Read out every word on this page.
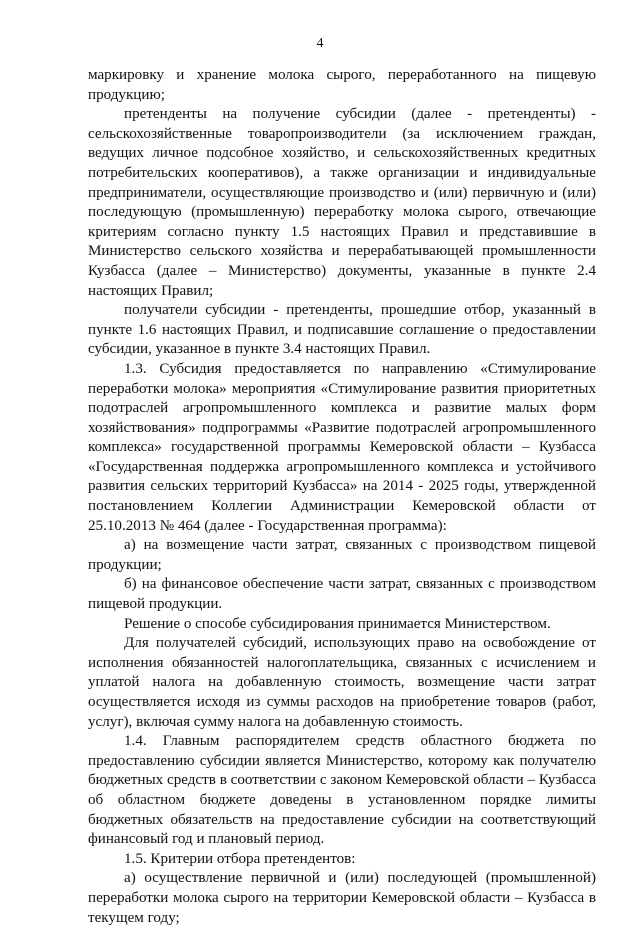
4

маркировку и хранение молока сырого, переработанного на пищевую продукцию;

претенденты на получение субсидии (далее - претенденты) - сельскохозяйственные товаропроизводители (за исключением граждан, ведущих личное подсобное хозяйство, и сельскохозяйственных кредитных потребительских кооперативов), а также организации и индивидуальные предприниматели, осуществляющие производство и (или) первичную и (или) последующую (промышленную) переработку молока сырого, отвечающие критериям согласно пункту 1.5 настоящих Правил и представившие в Министерство сельского хозяйства и перерабатывающей промышленности Кузбасса (далее – Министерство) документы, указанные в пункте 2.4 настоящих Правил;

получатели субсидии - претенденты, прошедшие отбор, указанный в пункте 1.6 настоящих Правил, и подписавшие соглашение о предоставлении субсидии, указанное в пункте 3.4 настоящих Правил.

1.3. Субсидия предоставляется по направлению «Стимулирование переработки молока» мероприятия «Стимулирование развития приоритетных подотраслей агропромышленного комплекса и развитие малых форм хозяйствования» подпрограммы «Развитие подотраслей агропромышленного комплекса» государственной программы Кемеровской области – Кузбасса «Государственная поддержка агропромышленного комплекса и устойчивого развития сельских территорий Кузбасса» на 2014 - 2025 годы, утвержденной постановлением Коллегии Администрации Кемеровской области от 25.10.2013 № 464 (далее - Государственная программа):

а) на возмещение части затрат, связанных с производством пищевой продукции;

б) на финансовое обеспечение части затрат, связанных с производством пищевой продукции.

Решение о способе субсидирования принимается Министерством.

Для получателей субсидий, использующих право на освобождение от исполнения обязанностей налогоплательщика, связанных с исчислением и уплатой налога на добавленную стоимость, возмещение части затрат осуществляется исходя из суммы расходов на приобретение товаров (работ, услуг), включая сумму налога на добавленную стоимость.

1.4. Главным распорядителем средств областного бюджета по предоставлению субсидии является Министерство, которому как получателю бюджетных средств в соответствии с законом Кемеровской области – Кузбасса об областном бюджете доведены в установленном порядке лимиты бюджетных обязательств на предоставление субсидии на соответствующий финансовый год и плановый период.

1.5. Критерии отбора претендентов:

а) осуществление первичной и (или) последующей (промышленной) переработки молока сырого на территории Кемеровской области – Кузбасса в текущем году;
